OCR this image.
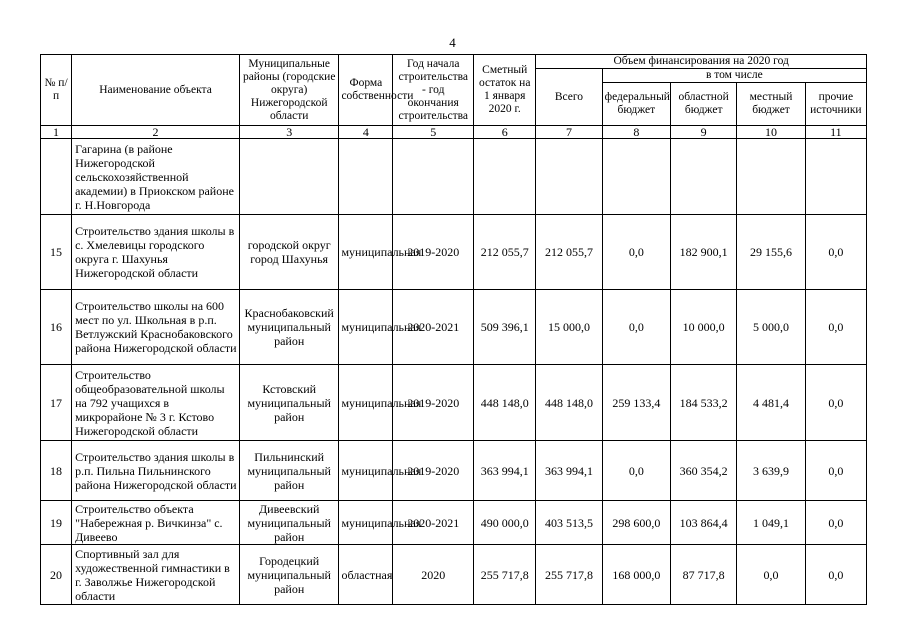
4
№ п/п	Наименование объекта	Муниципальные районы (городские округа) Нижегородской области	Форма собственности	Год начала строительства - год окончания строительства	Сметный остаток на 1 января 2020 г.	Объем финансирования на 2020 год				
						Всего	в том числе			
							федеральный бюджет	областной бюджет	местный бюджет	прочие источники
1	2	3	4	5	6	7	8	9	10	11
	Гагарина (в районе Нижегородской сельскохозяйственной академии) в Приокском районе г. Н.Новгорода									
15	Строительство здания школы в с. Хмелевицы городского округа г. Шахунья Нижегородской области	городской округ город Шахунья	муниципальная	2019-2020	212 055,7	212 055,7	0,0	182 900,1	29 155,6	0,0
16	Строительство школы на 600 мест по ул. Школьная в р.п. Ветлужский Краснобаковского района Нижегородской области	Краснобаковский муниципальный район	муниципальная	2020-2021	509 396,1	15 000,0	0,0	10 000,0	5 000,0	0,0
17	Строительство общеобразовательной школы на 792 учащихся в микрорайоне № 3 г. Кстово Нижегородской области	Кстовский муниципальный район	муниципальная	2019-2020	448 148,0	448 148,0	259 133,4	184 533,2	4 481,4	0,0
18	Строительство здания школы в р.п. Пильна Пильнинского района Нижегородской области	Пильнинский муниципальный район	муниципальная	2019-2020	363 994,1	363 994,1	0,0	360 354,2	3 639,9	0,0
19	Строительство объекта "Набережная р. Вичкинза" с. Дивеево	Дивеевский муниципальный район	муниципальная	2020-2021	490 000,0	403 513,5	298 600,0	103 864,4	1 049,1	0,0
20	Спортивный зал для художественной гимнастики в г. Заволжье Нижегородской области	Городецкий муниципальный район	областная	2020	255 717,8	255 717,8	168 000,0	87 717,8	0,0	0,0
